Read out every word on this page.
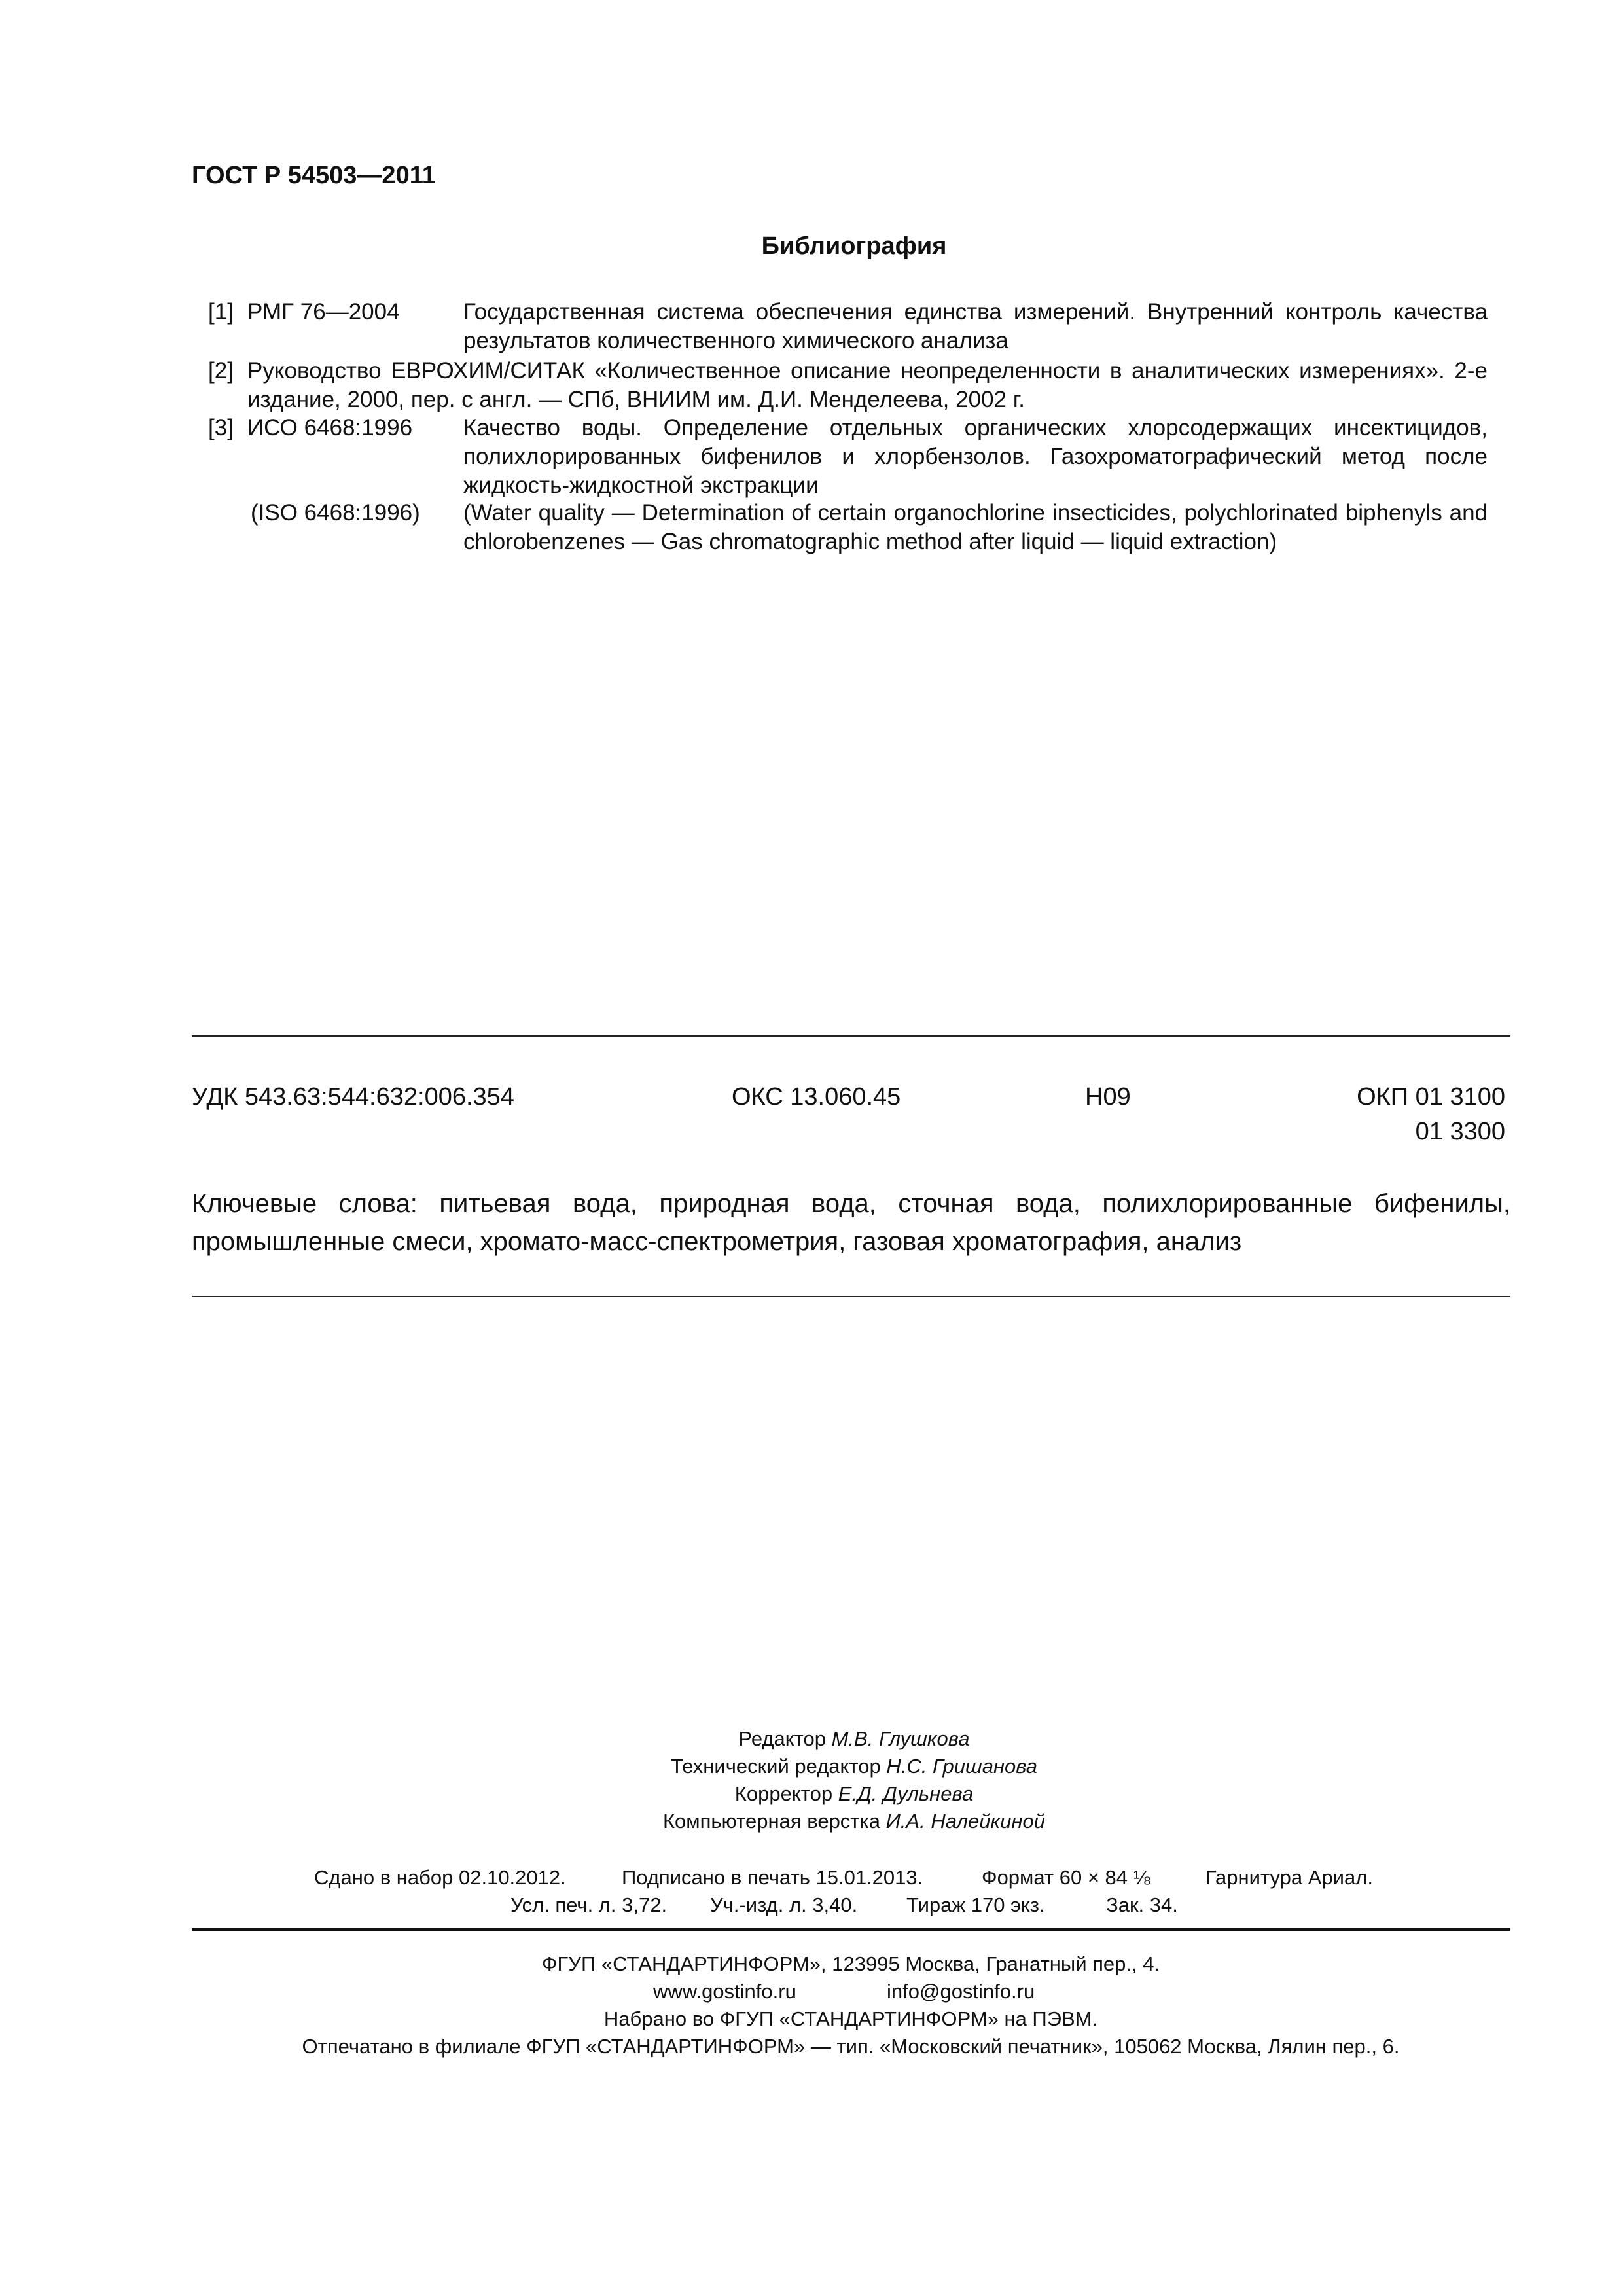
ГОСТ Р 54503—2011
Библиография
[1] РМГ 76—2004	Государственная система обеспечения единства измерений. Внутренний контроль качества результатов количественного химического анализа
[2] Руководство ЕВРОХИМ/СИТАК «Количественное описание неопределенности в аналитических измерениях». 2-е издание, 2000, пер. с англ. — СПб, ВНИИМ им. Д.И. Менделеева, 2002 г.
[3] ИСО 6468:1996 Качество воды. Определение отдельных органических хлорсодержащих инсектицидов, полихлорированных бифенилов и хлорбензолов. Газохроматографический метод после жидкость-жидкостной экстракции
(ISO 6468:1996) (Water quality — Determination of certain organochlorine insecticides, polychlorinated biphenyls and chlorobenzenes — Gas chromatographic method after liquid — liquid extraction)
УДК 543.63:544:632:006.354	ОКС 13.060.45	Н09	ОКП 01 3100
01 3300
Ключевые слова: питьевая вода, природная вода, сточная вода, полихлорированные бифенилы, промышленные смеси, хромато-масс-спектрометрия, газовая хроматография, анализ
Редактор М.В. Глушкова
Технический редактор Н.С. Гришанова
Корректор Е.Д. Дульнева
Компьютерная верстка И.А. Налейкиной
Сдано в набор 02.10.2012.	Подписано в печать 15.01.2013.	Формат 60 × 84 ⅛	Гарнитура Ариал.
Усл. печ. л. 3,72. Уч.-изд. л. 3,40. Тираж 170 экз.	Зак. 34.
ФГУП «СТАНДАРТИНФОРМ», 123995 Москва, Гранатный пер., 4.
www.gostinfo.ru	info@gostinfo.ru
Набрано во ФГУП «СТАНДАРТИНФОРМ» на ПЭВМ.
Отпечатано в филиале ФГУП «СТАНДАРТИНФОРМ» — тип. «Московский печатник», 105062 Москва, Лялин пер., 6.
